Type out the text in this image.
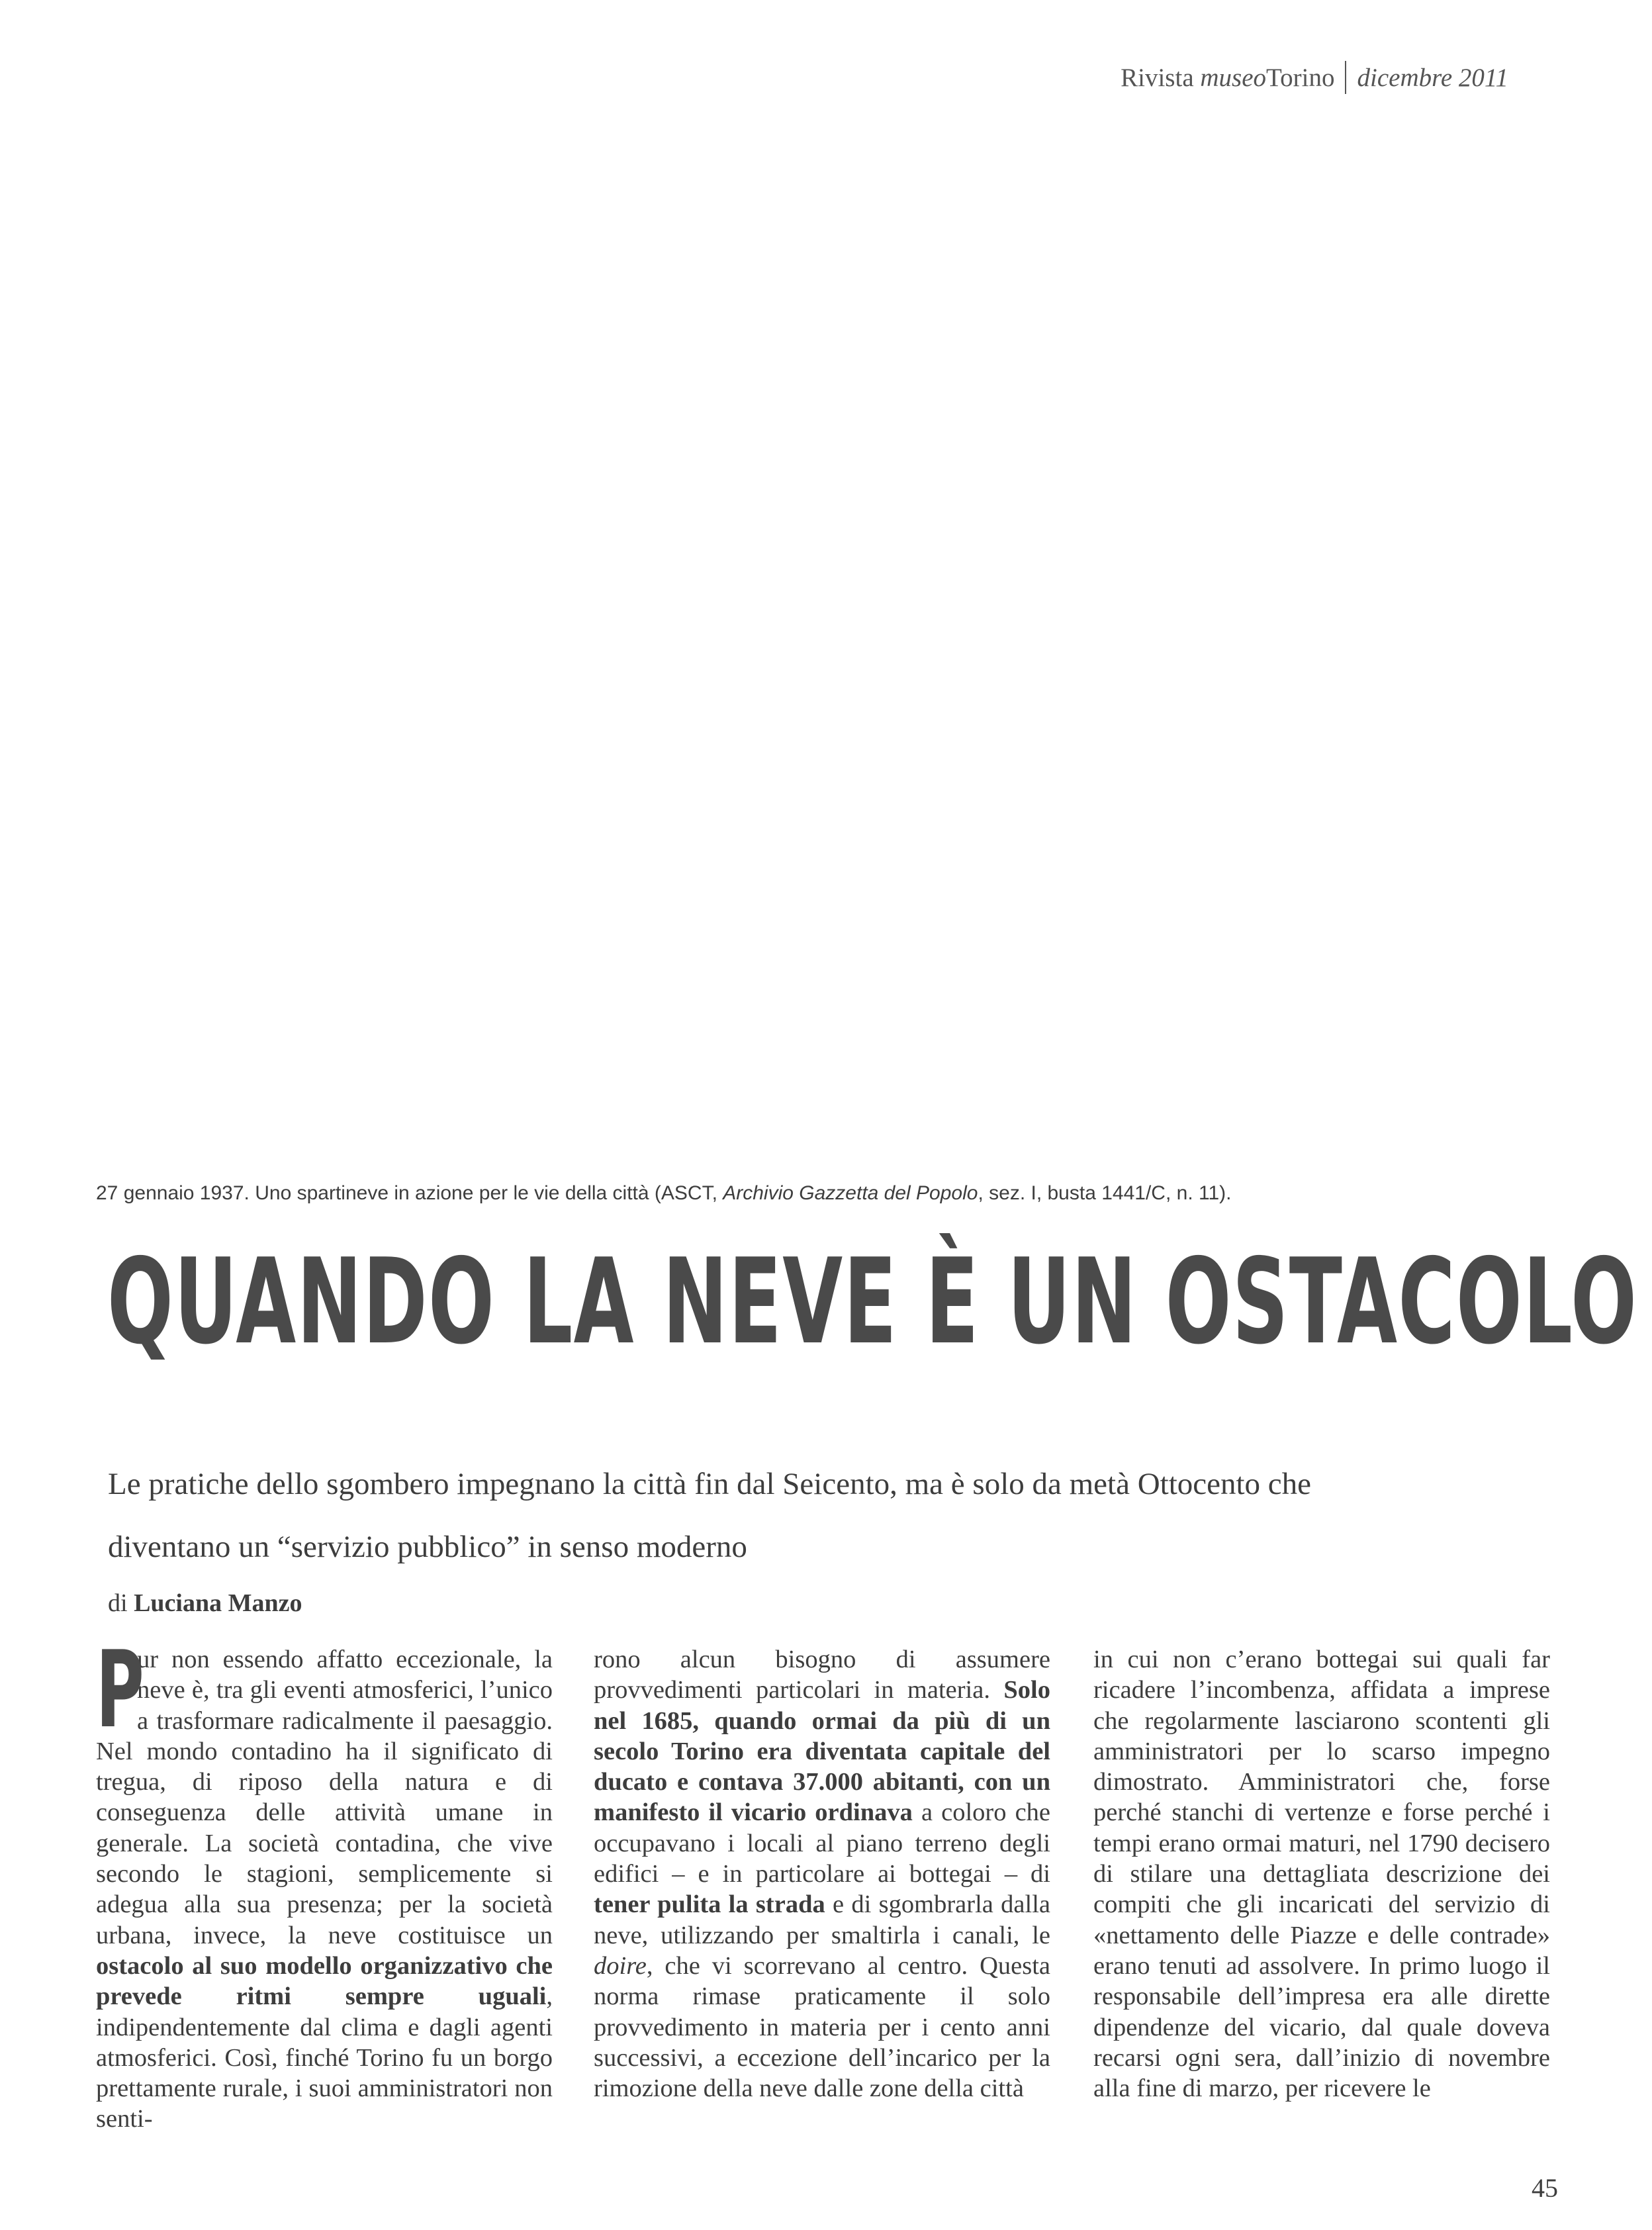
Rivista museoTorino dicembre 2011
27 gennaio 1937. Uno spartineve in azione per le vie della città (ASCT, Archivio Gazzetta del Popolo, sez. I, busta 1441/C, n. 11).
QUANDO LA NEVE È UN OSTACOLO

Le pratiche dello sgombero impegnano la città fin dal Seicento, ma è solo da metà Ottocento che diventano un “servizio pubblico” in senso moderno

di Luciana Manzo

P
ur non essendo affatto eccezionale, la neve è, tra gli eventi atmosferici, l’unico a trasformare radicalmente il paesaggio. Nel mondo contadino ha il significato di tregua, di riposo della natura e di conseguenza delle attività umane in generale. La società contadina, che vive secondo le stagioni, semplicemente si adegua alla sua presenza; per la società urbana, invece, la neve costituisce un ostacolo al suo modello organizzativo che prevede ritmi sempre uguali, indipendentemente dal clima e dagli agenti atmosferici. Così, finché Torino fu un borgo prettamente rurale, i suoi amministratori non senti-
rono alcun bisogno di assumere provvedimenti particolari in materia. Solo nel 1685, quando ormai da più di un secolo Torino era diventata capitale del ducato e contava 37.000 abitanti, con un manifesto il vicario ordinava a coloro che occupavano i locali al piano terreno degli edifici – e in particolare ai bottegai – di tener pulita la strada e di sgombrarla dalla neve, utilizzando per smaltirla i canali, le doire, che vi scorrevano al centro. Questa norma rimase praticamente il solo provvedimento in materia per i cento anni successivi, a eccezione dell’incarico per la rimozione della neve dalle zone della città
in cui non c’erano bottegai sui quali far ricadere l’incombenza, affidata a imprese che regolarmente lasciarono scontenti gli amministratori per lo scarso impegno dimostrato. Amministratori che, forse perché stanchi di vertenze e forse perché i tempi erano ormai maturi, nel 1790 decisero di stilare una dettagliata descrizione dei compiti che gli incaricati del servizio di «nettamento delle Piazze e delle contrade» erano tenuti ad assolvere. In primo luogo il responsabile dell’impresa era alle dirette dipendenze del vicario, dal quale doveva recarsi ogni sera, dall’inizio di novembre alla fine di marzo, per ricevere le
45
